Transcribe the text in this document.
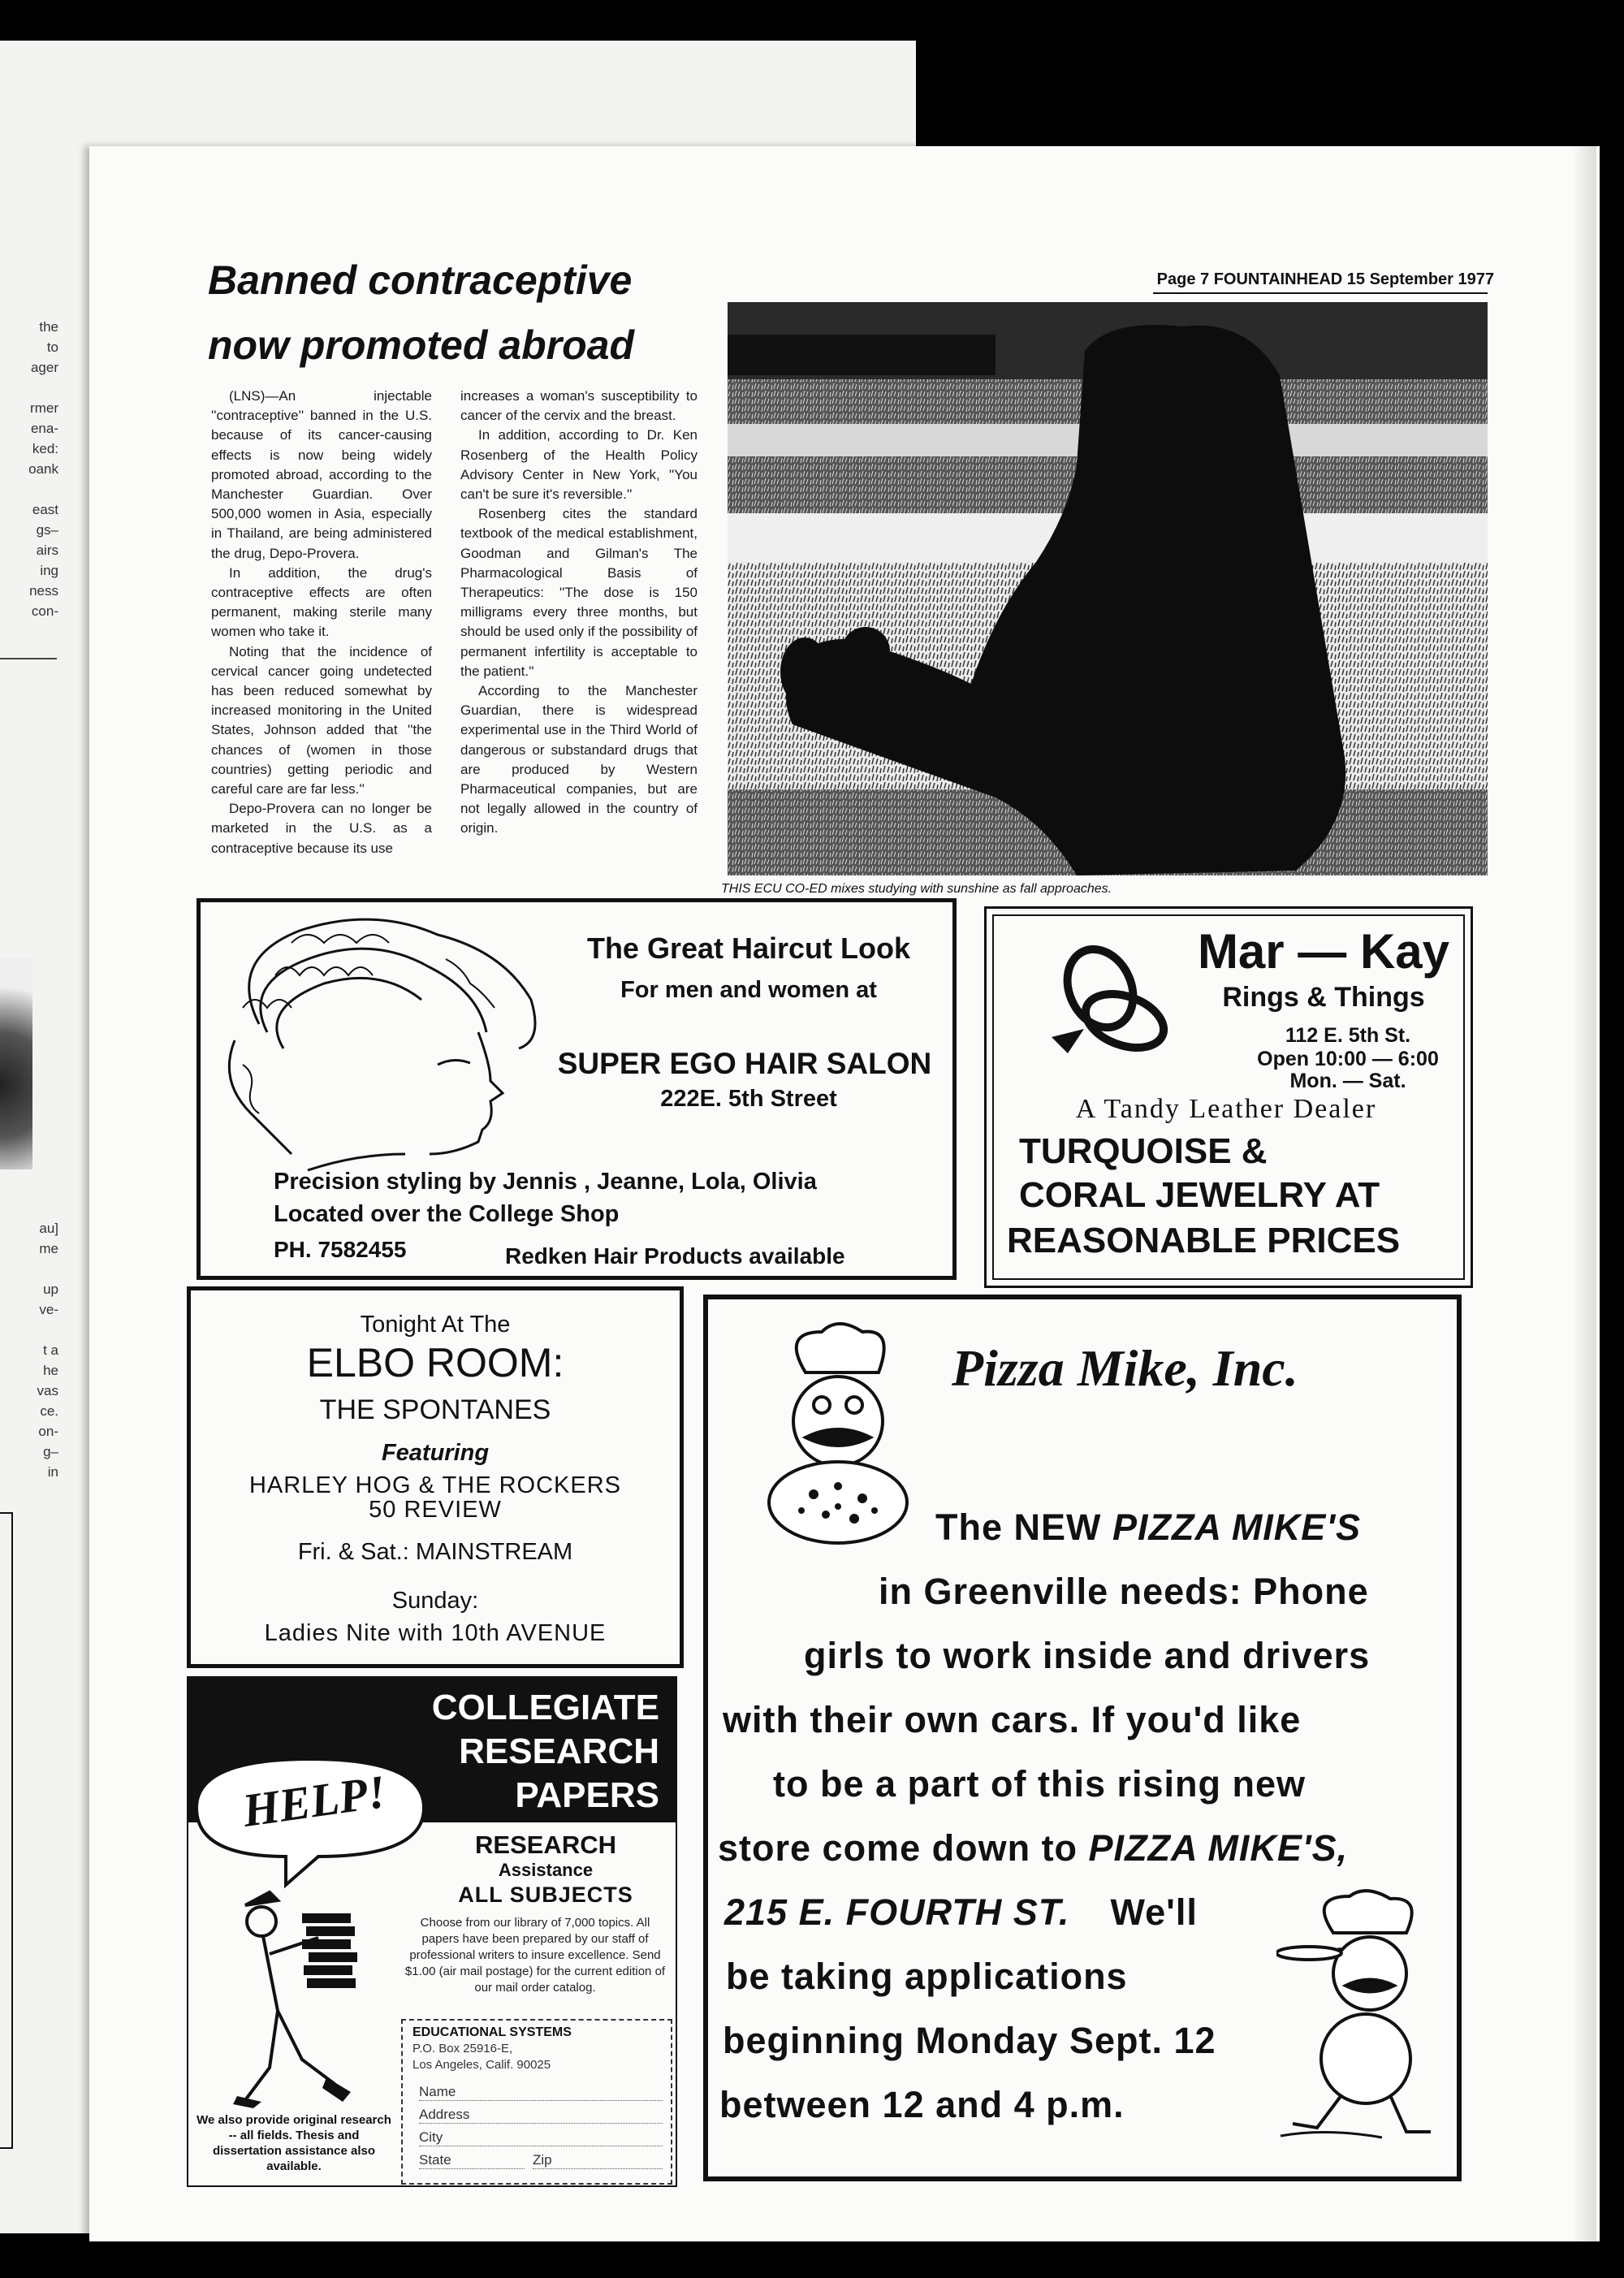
the
to
ager

rmer
ena-
ked:
oank

east
gs–
airs
ing
ness
con-
au]
me

up
ve-

t a
he
vas
ce.
on-
g–
in
Banned contraceptive
now promoted abroad
Page 7 FOUNTAINHEAD 15 September 1977

(LNS)—An injectable ''contraceptive'' banned in the U.S. because of its cancer-causing effects is now being widely promoted abroad, according to the Manchester Guardian. Over 500,000 women in Asia, especially in Thailand, are being administered the drug, Depo-Provera.

In addition, the drug's contraceptive effects are often permanent, making sterile many women who take it.

Noting that the incidence of cervical cancer going undetected has been reduced somewhat by increased monitoring in the United States, Johnson added that ''the chances of (women in those countries) getting periodic and careful care are far less.''

Depo-Provera can no longer be marketed in the U.S. as a contraceptive because its use

increases a woman's susceptibility to cancer of the cervix and the breast.

In addition, according to Dr. Ken Rosenberg of the Health Policy Advisory Center in New York, ''You can't be sure it's reversible.''

Rosenberg cites the standard textbook of the medical establishment, Goodman and Gilman's The Pharmacological Basis of Therapeutics: ''The dose is 150 milligrams every three months, but should be used only if the possibility of permanent infertility is acceptable to the patient.''

According to the Manchester Guardian, there is widespread experimental use in the Third World of dangerous or substandard drugs that are produced by Western Pharmaceutical companies, but are not legally allowed in the country of origin.

THIS ECU CO-ED mixes studying with sunshine as fall approaches.
The Great Haircut Look
For men and women at
SUPER EGO HAIR SALON
222E. 5th Street
Precision styling by Jennis , Jeanne, Lola, Olivia
Located over the College Shop
PH. 7582455	Redken Hair Products available
Mar — Kay
Rings & Things
112 E. 5th St.
Open 10:00 — 6:00
Mon. — Sat.
A Tandy Leather Dealer
TURQUOISE &
CORAL JEWELRY AT
REASONABLE PRICES
Tonight At The
ELBO ROOM:
THE SPONTANES
Featuring
HARLEY HOG & THE ROCKERS
50 REVIEW
Fri. & Sat.: MAINSTREAM
Sunday:
Ladies Nite with 10th AVENUE
COLLEGIATE
RESEARCH
PAPERS
HELP!
RESEARCH
Assistance
ALL SUBJECTS
Choose from our library of 7,000 topics. All papers have been prepared by our staff of professional writers to insure excellence. Send $1.00 (air mail postage) for the current edition of our mail order catalog.
EDUCATIONAL SYSTEMS
P.O. Box 25916-E,
Los Angeles, Calif. 90025
Name
Address
City
State	Zip
We also provide original research -- all fields. Thesis and dissertation assistance also available.
Pizza Mike, Inc.
The NEW PIZZA MIKE'S
in Greenville needs: Phone
girls to work inside and drivers
with their own cars. If you'd like
to be a part of this rising new
store come down to PIZZA MIKE'S,
215 E. FOURTH ST. We'll
be taking applications
beginning Monday Sept. 12
between 12 and 4 p.m.
